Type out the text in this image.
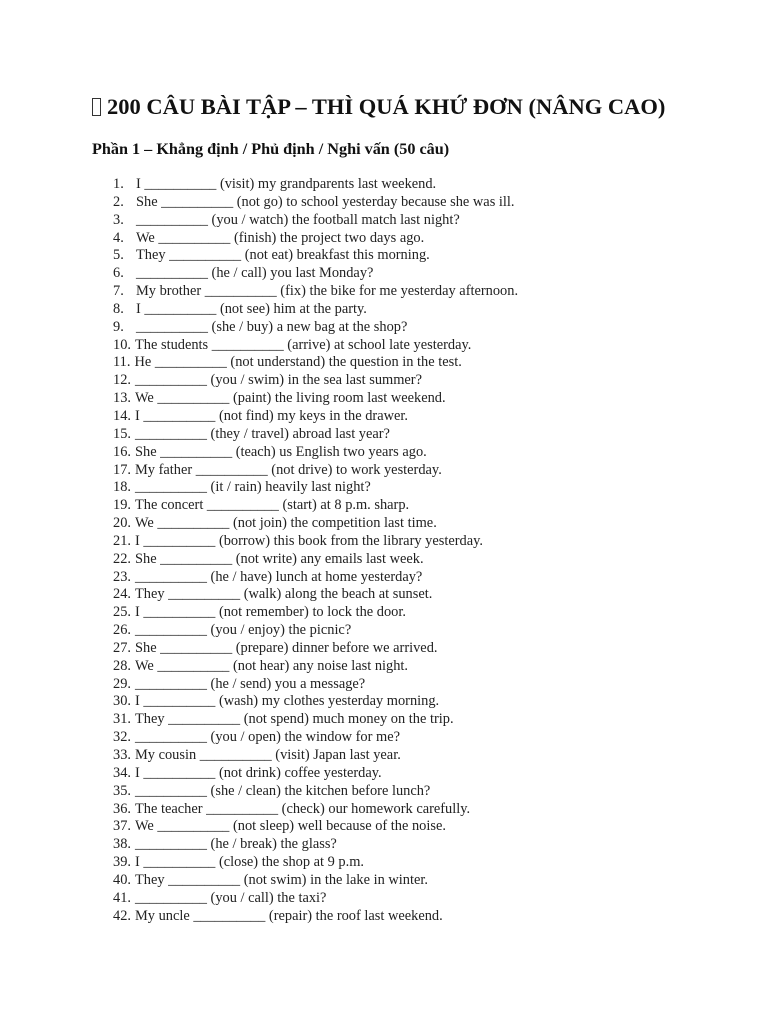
200 CÂU BÀI TẬP – THÌ QUÁ KHỨ ĐƠN (NÂNG CAO)
Phần 1 – Khẳng định / Phủ định / Nghi vấn (50 câu)
1. I __________ (visit) my grandparents last weekend.
2. She __________ (not go) to school yesterday because she was ill.
3. __________ (you / watch) the football match last night?
4. We __________ (finish) the project two days ago.
5. They __________ (not eat) breakfast this morning.
6. __________ (he / call) you last Monday?
7. My brother __________ (fix) the bike for me yesterday afternoon.
8. I __________ (not see) him at the party.
9. __________ (she / buy) a new bag at the shop?
10. The students __________ (arrive) at school late yesterday.
11. He __________ (not understand) the question in the test.
12. __________ (you / swim) in the sea last summer?
13. We __________ (paint) the living room last weekend.
14. I __________ (not find) my keys in the drawer.
15. __________ (they / travel) abroad last year?
16. She __________ (teach) us English two years ago.
17. My father __________ (not drive) to work yesterday.
18. __________ (it / rain) heavily last night?
19. The concert __________ (start) at 8 p.m. sharp.
20. We __________ (not join) the competition last time.
21. I __________ (borrow) this book from the library yesterday.
22. She __________ (not write) any emails last week.
23. __________ (he / have) lunch at home yesterday?
24. They __________ (walk) along the beach at sunset.
25. I __________ (not remember) to lock the door.
26. __________ (you / enjoy) the picnic?
27. She __________ (prepare) dinner before we arrived.
28. We __________ (not hear) any noise last night.
29. __________ (he / send) you a message?
30. I __________ (wash) my clothes yesterday morning.
31. They __________ (not spend) much money on the trip.
32. __________ (you / open) the window for me?
33. My cousin __________ (visit) Japan last year.
34. I __________ (not drink) coffee yesterday.
35. __________ (she / clean) the kitchen before lunch?
36. The teacher __________ (check) our homework carefully.
37. We __________ (not sleep) well because of the noise.
38. __________ (he / break) the glass?
39. I __________ (close) the shop at 9 p.m.
40. They __________ (not swim) in the lake in winter.
41. __________ (you / call) the taxi?
42. My uncle __________ (repair) the roof last weekend.
